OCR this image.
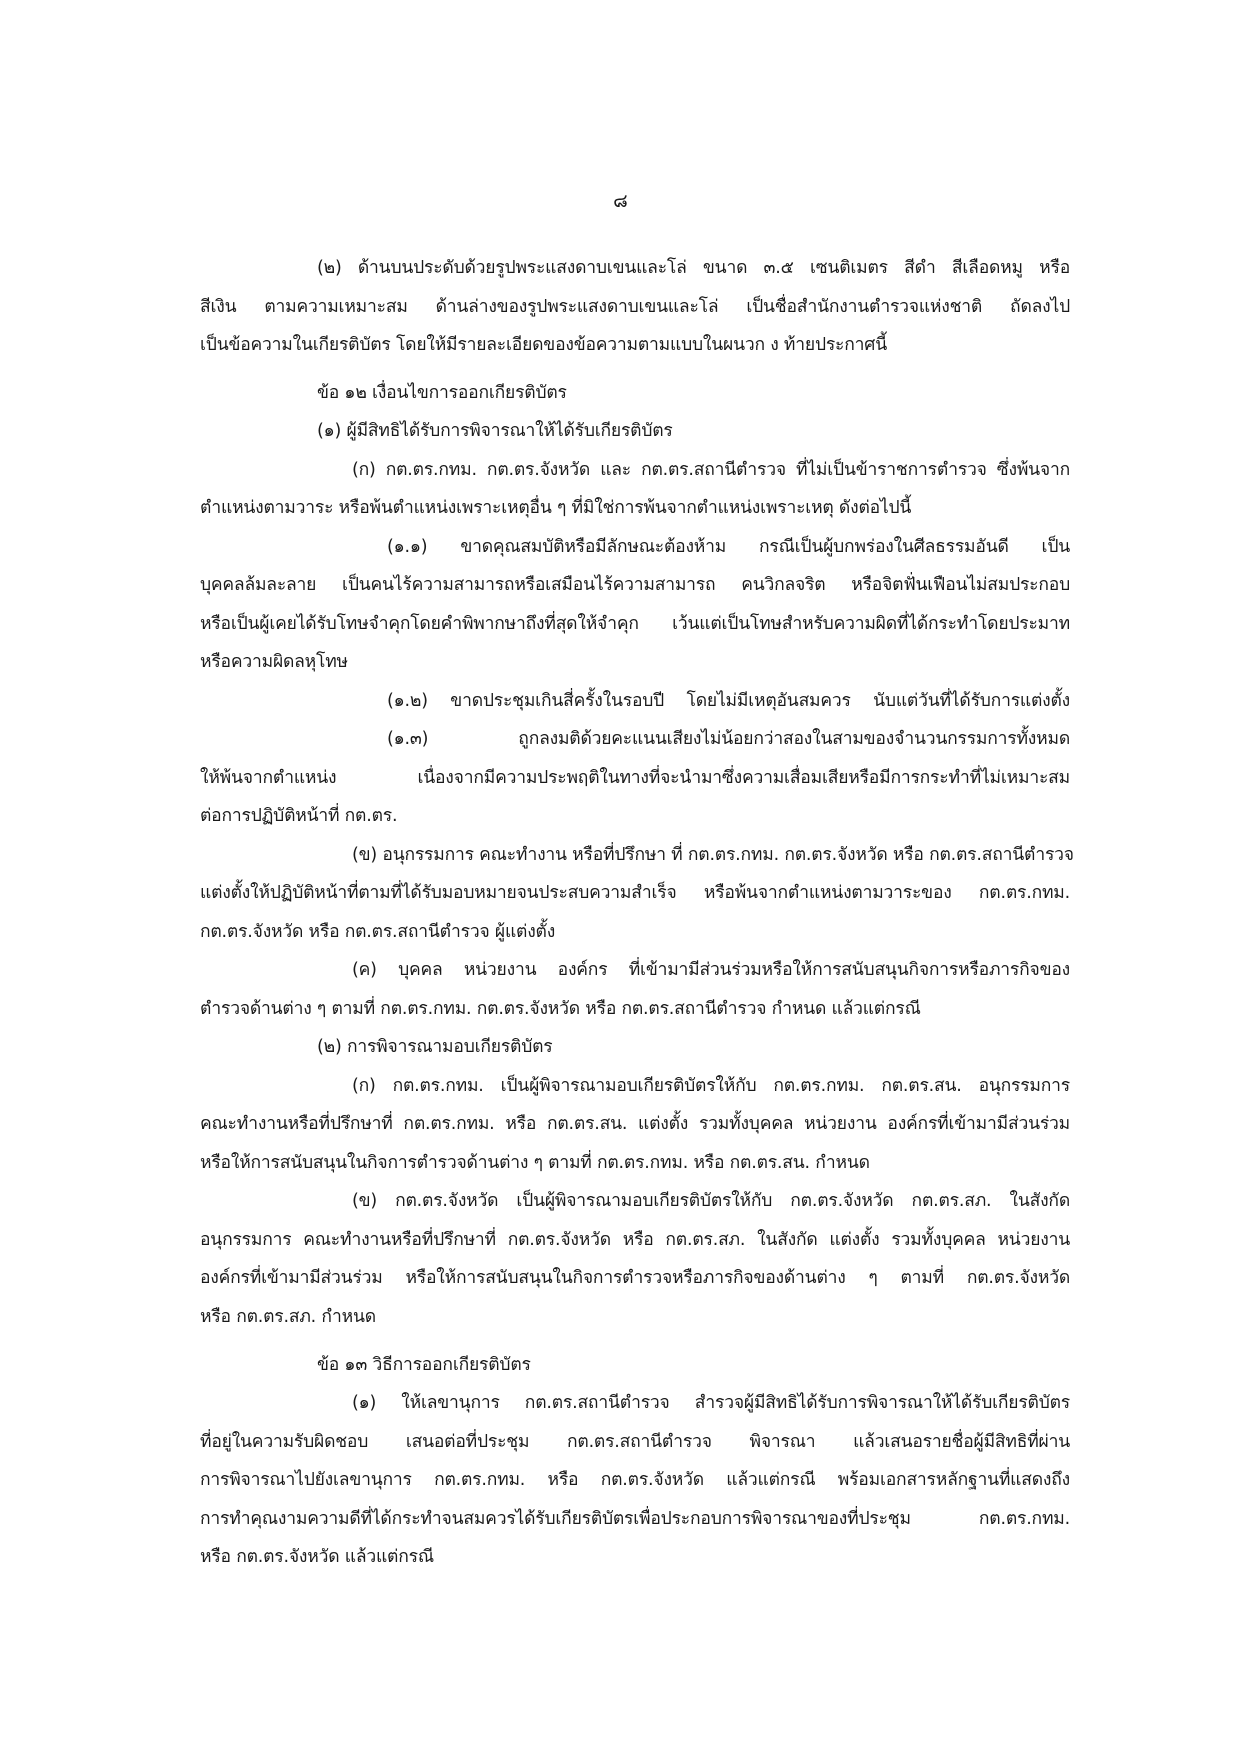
๘
(๒) ด้านบนประดับด้วยรูปพระแสงดาบเขนและโล่ ขนาด ๓.๕ เซนติเมตร สีดำ สีเลือดหมู หรือ
สีเงิน ตามความเหมาะสม ด้านล่างของรูปพระแสงดาบเขนและโล่ เป็นชื่อสำนักงานตำรวจแห่งชาติ ถัดลงไป
เป็นข้อความในเกียรติบัตร โดยให้มีรายละเอียดของข้อความตามแบบในผนวก ง ท้ายประกาศนี้
ข้อ ๑๒ เงื่อนไขการออกเกียรติบัตร
(๑) ผู้มีสิทธิได้รับการพิจารณาให้ได้รับเกียรติบัตร
(ก) กต.ตร.กทม. กต.ตร.จังหวัด และ กต.ตร.สถานีตำรวจ ที่ไม่เป็นข้าราชการตำรวจ ซึ่งพ้นจาก
ตำแหน่งตามวาระ หรือพ้นตำแหน่งเพราะเหตุอื่น ๆ ที่มิใช่การพ้นจากตำแหน่งเพราะเหตุ ดังต่อไปนี้
(๑.๑) ขาดคุณสมบัติหรือมีลักษณะต้องห้าม กรณีเป็นผู้บกพร่องในศีลธรรมอันดี เป็น
บุคคลล้มละลาย เป็นคนไร้ความสามารถหรือเสมือนไร้ความสามารถ คนวิกลจริต หรือจิตฟั่นเฟือนไม่สมประกอบ
หรือเป็นผู้เคยได้รับโทษจำคุกโดยคำพิพากษาถึงที่สุดให้จำคุก เว้นแต่เป็นโทษสำหรับความผิดที่ได้กระทำโดยประมาท
หรือความผิดลหุโทษ
(๑.๒) ขาดประชุมเกินสี่ครั้งในรอบปี โดยไม่มีเหตุอันสมควร นับแต่วันที่ได้รับการแต่งตั้ง
(๑.๓) ถูกลงมติด้วยคะแนนเสียงไม่น้อยกว่าสองในสามของจำนวนกรรมการทั้งหมด
ให้พ้นจากตำแหน่ง เนื่องจากมีความประพฤติในทางที่จะนำมาซึ่งความเสื่อมเสียหรือมีการกระทำที่ไม่เหมาะสม
ต่อการปฏิบัติหน้าที่ กต.ตร.
(ข) อนุกรรมการ คณะทำงาน หรือที่ปรึกษา ที่ กต.ตร.กทม. กต.ตร.จังหวัด หรือ กต.ตร.สถานีตำรวจ
แต่งตั้งให้ปฏิบัติหน้าที่ตามที่ได้รับมอบหมายจนประสบความสำเร็จ หรือพ้นจากตำแหน่งตามวาระของ กต.ตร.กทม.
กต.ตร.จังหวัด หรือ กต.ตร.สถานีตำรวจ ผู้แต่งตั้ง
(ค) บุคคล หน่วยงาน องค์กร ที่เข้ามามีส่วนร่วมหรือให้การสนับสนุนกิจการหรือภารกิจของ
ตำรวจด้านต่าง ๆ ตามที่ กต.ตร.กทม. กต.ตร.จังหวัด หรือ กต.ตร.สถานีตำรวจ กำหนด แล้วแต่กรณี
(๒) การพิจารณามอบเกียรติบัตร
(ก) กต.ตร.กทม. เป็นผู้พิจารณามอบเกียรติบัตรให้กับ กต.ตร.กทม. กต.ตร.สน. อนุกรรมการ
คณะทำงานหรือที่ปรึกษาที่ กต.ตร.กทม. หรือ กต.ตร.สน. แต่งตั้ง รวมทั้งบุคคล หน่วยงาน องค์กรที่เข้ามามีส่วนร่วม
หรือให้การสนับสนุนในกิจการตำรวจด้านต่าง ๆ ตามที่ กต.ตร.กทม. หรือ กต.ตร.สน. กำหนด
(ข) กต.ตร.จังหวัด เป็นผู้พิจารณามอบเกียรติบัตรให้กับ กต.ตร.จังหวัด กต.ตร.สภ. ในสังกัด
อนุกรรมการ คณะทำงานหรือที่ปรึกษาที่ กต.ตร.จังหวัด หรือ กต.ตร.สภ. ในสังกัด แต่งตั้ง รวมทั้งบุคคล หน่วยงาน
องค์กรที่เข้ามามีส่วนร่วม หรือให้การสนับสนุนในกิจการตำรวจหรือภารกิจของด้านต่าง ๆ ตามที่ กต.ตร.จังหวัด
หรือ กต.ตร.สภ. กำหนด
ข้อ ๑๓ วิธีการออกเกียรติบัตร
(๑) ให้เลขานุการ กต.ตร.สถานีตำรวจ สำรวจผู้มีสิทธิได้รับการพิจารณาให้ได้รับเกียรติบัตร
ที่อยู่ในความรับผิดชอบ เสนอต่อที่ประชุม กต.ตร.สถานีตำรวจ พิจารณา แล้วเสนอรายชื่อผู้มีสิทธิที่ผ่าน
การพิจารณาไปยังเลขานุการ กต.ตร.กทม. หรือ กต.ตร.จังหวัด แล้วแต่กรณี พร้อมเอกสารหลักฐานที่แสดงถึง
การทำคุณงามความดีที่ได้กระทำจนสมควรได้รับเกียรติบัตรเพื่อประกอบการพิจารณาของที่ประชุม กต.ตร.กทม.
หรือ กต.ตร.จังหวัด แล้วแต่กรณี
